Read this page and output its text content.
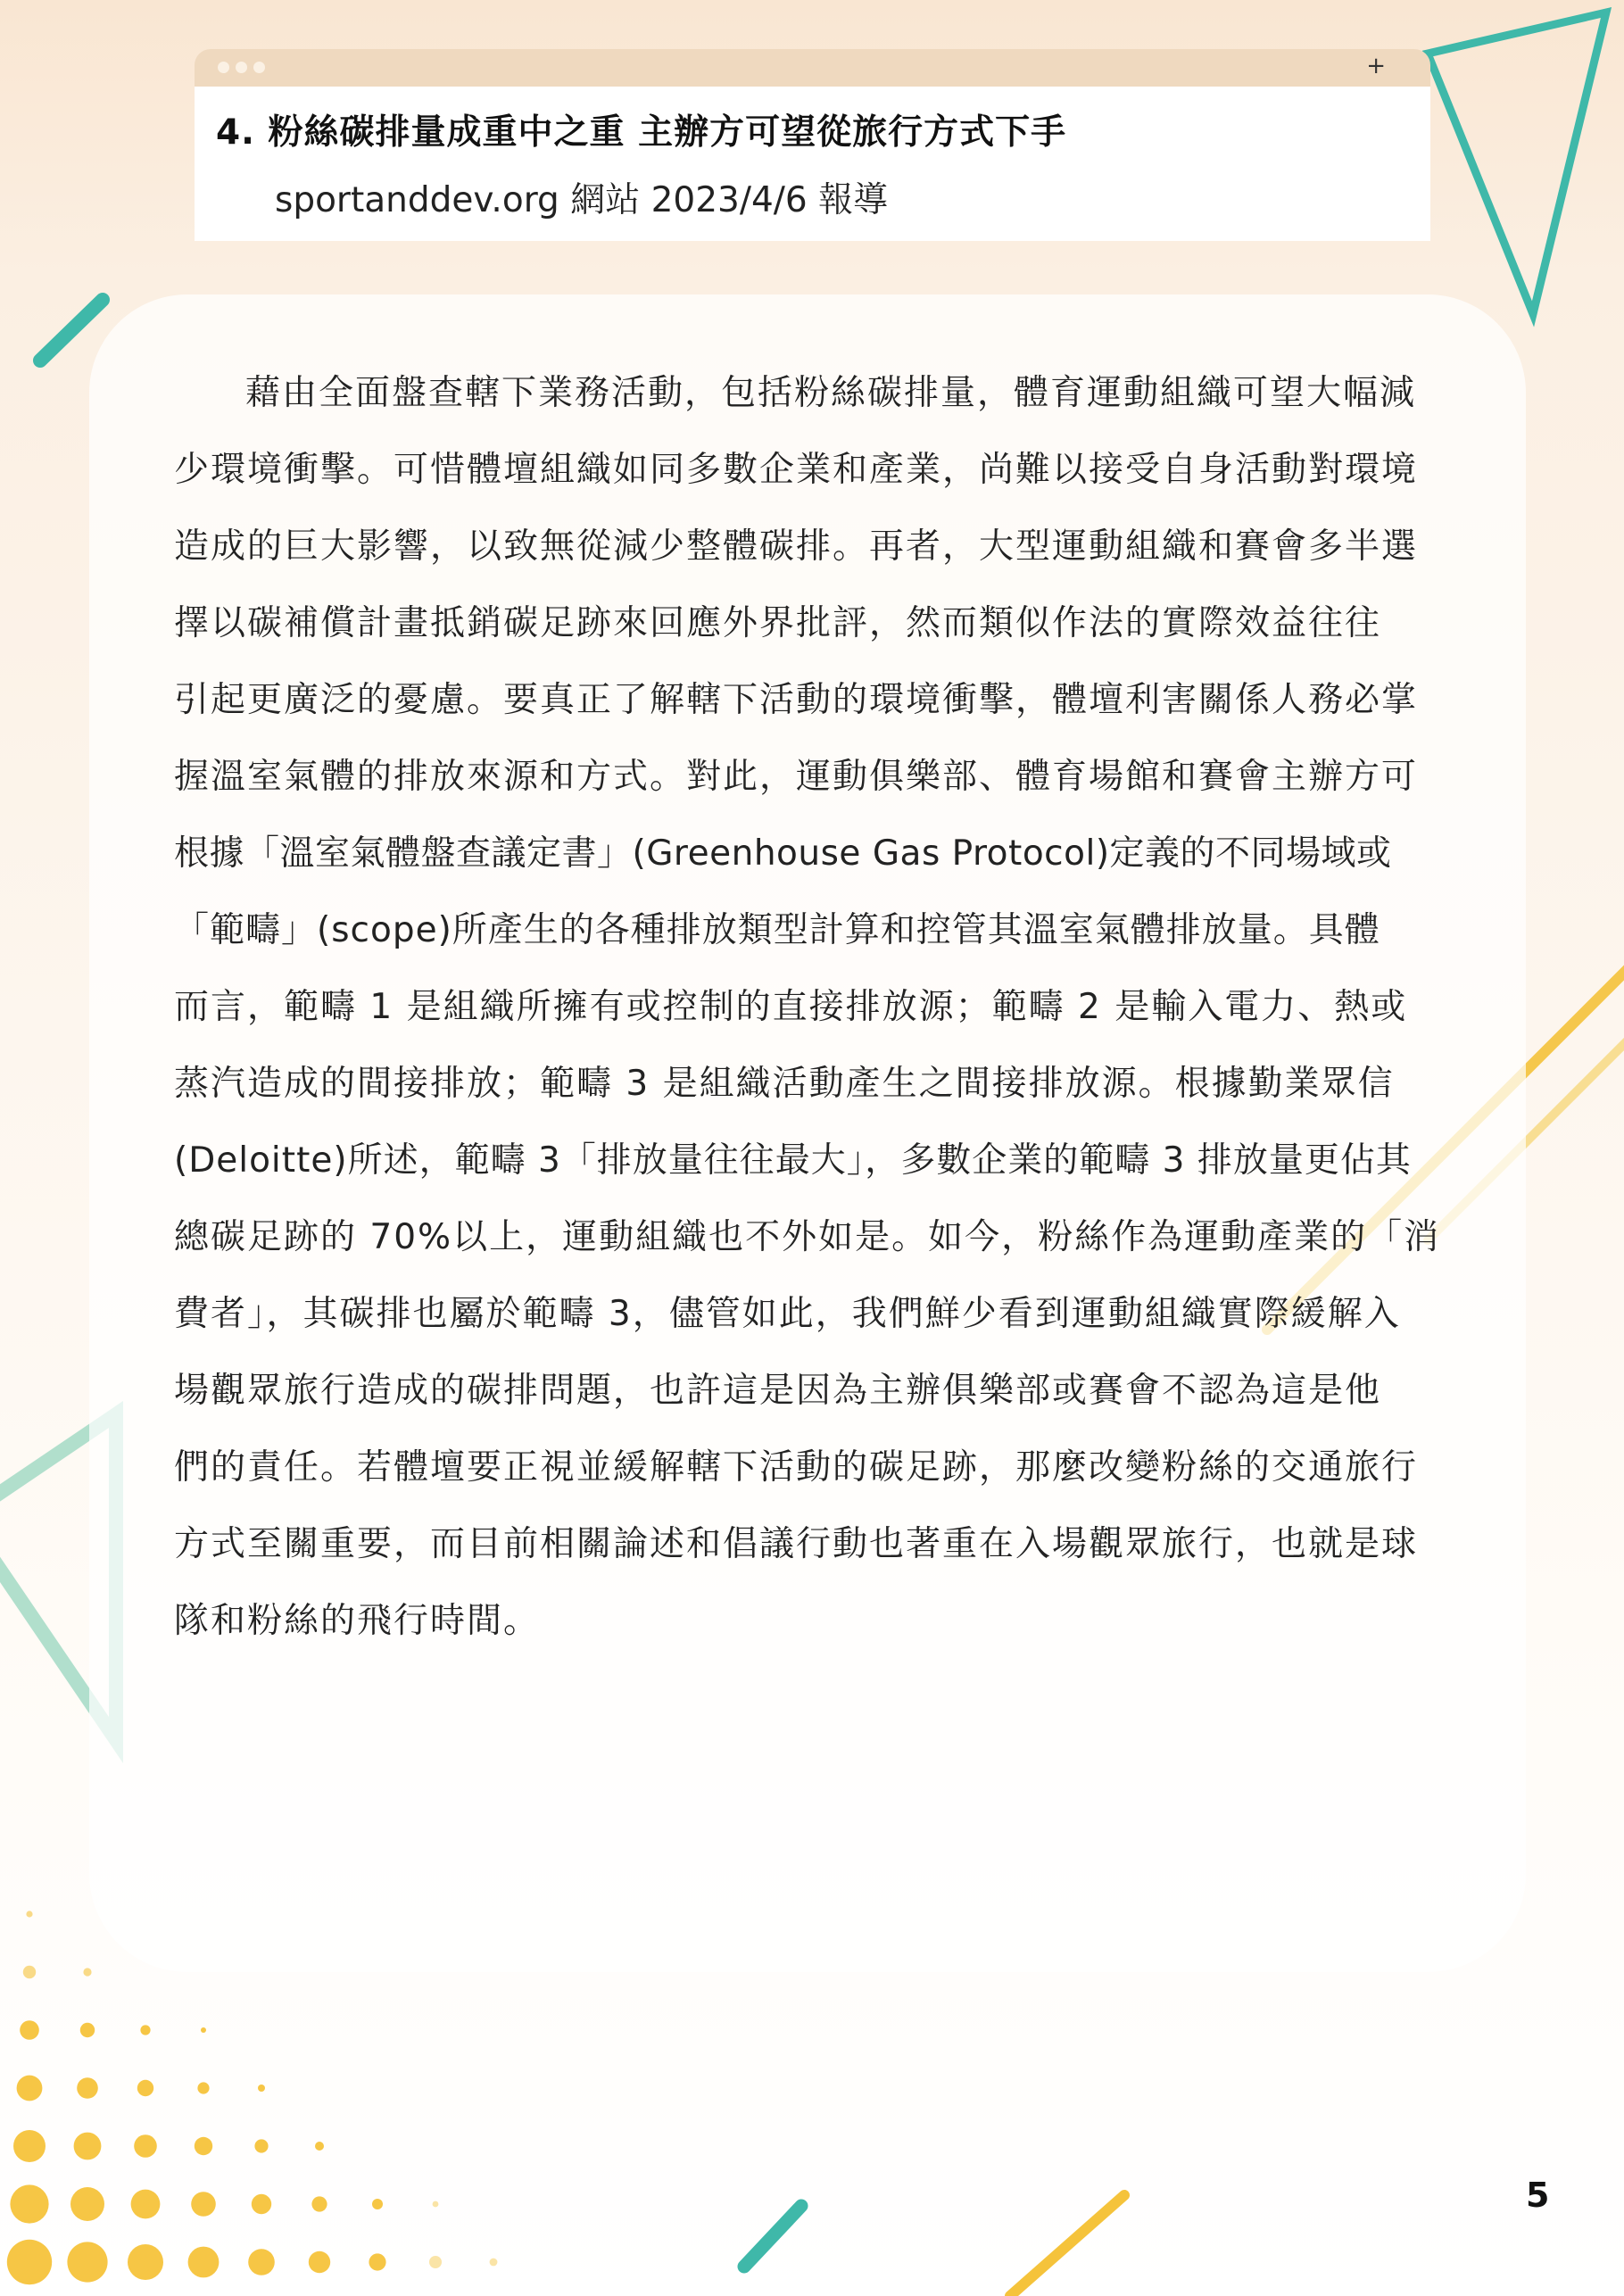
+
4. 粉絲碳排量成重中之重 主辦方可望從旅行方式下手
sportanddev.org 網站 2023/4/6 報導
藉由全面盤查轄下業務活動，包括粉絲碳排量，體育運動組織可望大幅減
少環境衝擊。可惜體壇組織如同多數企業和產業，尚難以接受自身活動對環境
造成的巨大影響，以致無從減少整體碳排。再者，大型運動組織和賽會多半選
擇以碳補償計畫抵銷碳足跡來回應外界批評，然而類似作法的實際效益往往
引起更廣泛的憂慮。要真正了解轄下活動的環境衝擊，體壇利害關係人務必掌
握溫室氣體的排放來源和方式。對此，運動俱樂部、體育場館和賽會主辦方可
根據「溫室氣體盤查議定書」(Greenhouse Gas Protocol)定義的不同場域或
「範疇」(scope)所產生的各種排放類型計算和控管其溫室氣體排放量。具體
而言，範疇 1 是組織所擁有或控制的直接排放源；範疇 2 是輸入電力、熱或
蒸汽造成的間接排放；範疇 3 是組織活動產生之間接排放源。根據勤業眾信
(Deloitte)所述，範疇 3「排放量往往最大」，多數企業的範疇 3 排放量更佔其
總碳足跡的 70%以上，運動組織也不外如是。如今，粉絲作為運動產業的「消
費者」，其碳排也屬於範疇 3，儘管如此，我們鮮少看到運動組織實際緩解入
場觀眾旅行造成的碳排問題，也許這是因為主辦俱樂部或賽會不認為這是他
們的責任。若體壇要正視並緩解轄下活動的碳足跡，那麼改變粉絲的交通旅行
方式至關重要，而目前相關論述和倡議行動也著重在入場觀眾旅行，也就是球
隊和粉絲的飛行時間。
5
